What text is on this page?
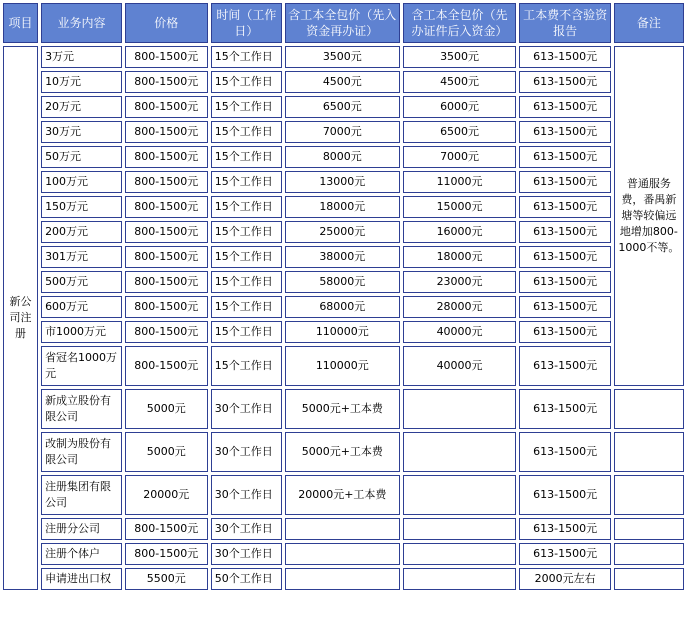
项目	业务内容	价格	时间（工作日）	含工本全包价（先入资金再办证）	含工本全包价（先办证件后入资金）	工本费不含验资报告	备注
新公司注册	3万元	800-1500元	15个工作日	3500元	3500元	613-1500元	普通服务费，番禺新塘等较偏远地增加800-1000不等。
	10万元	800-1500元	15个工作日	4500元	4500元	613-1500元	
	20万元	800-1500元	15个工作日	6500元	6000元	613-1500元	
	30万元	800-1500元	15个工作日	7000元	6500元	613-1500元	
	50万元	800-1500元	15个工作日	8000元	7000元	613-1500元	
	100万元	800-1500元	15个工作日	13000元	11000元	613-1500元	
	150万元	800-1500元	15个工作日	18000元	15000元	613-1500元	
	200万元	800-1500元	15个工作日	25000元	16000元	613-1500元	
	301万元	800-1500元	15个工作日	38000元	18000元	613-1500元	
	500万元	800-1500元	15个工作日	58000元	23000元	613-1500元	
	600万元	800-1500元	15个工作日	68000元	28000元	613-1500元	
	市1000万元	800-1500元	15个工作日	110000元	40000元	613-1500元	
	省冠名1000万元	800-1500元	15个工作日	110000元	40000元	613-1500元	
	新成立股份有限公司	5000元	30个工作日	5000元+工本费		613-1500元	
	改制为股份有限公司	5000元	30个工作日	5000元+工本费		613-1500元	
	注册集团有限公司	20000元	30个工作日	20000元+工本费		613-1500元	
	注册分公司	800-1500元	30个工作日			613-1500元	
	注册个体户	800-1500元	30个工作日			613-1500元	
	申请进出口权	5500元	50个工作日			2000元左右	
